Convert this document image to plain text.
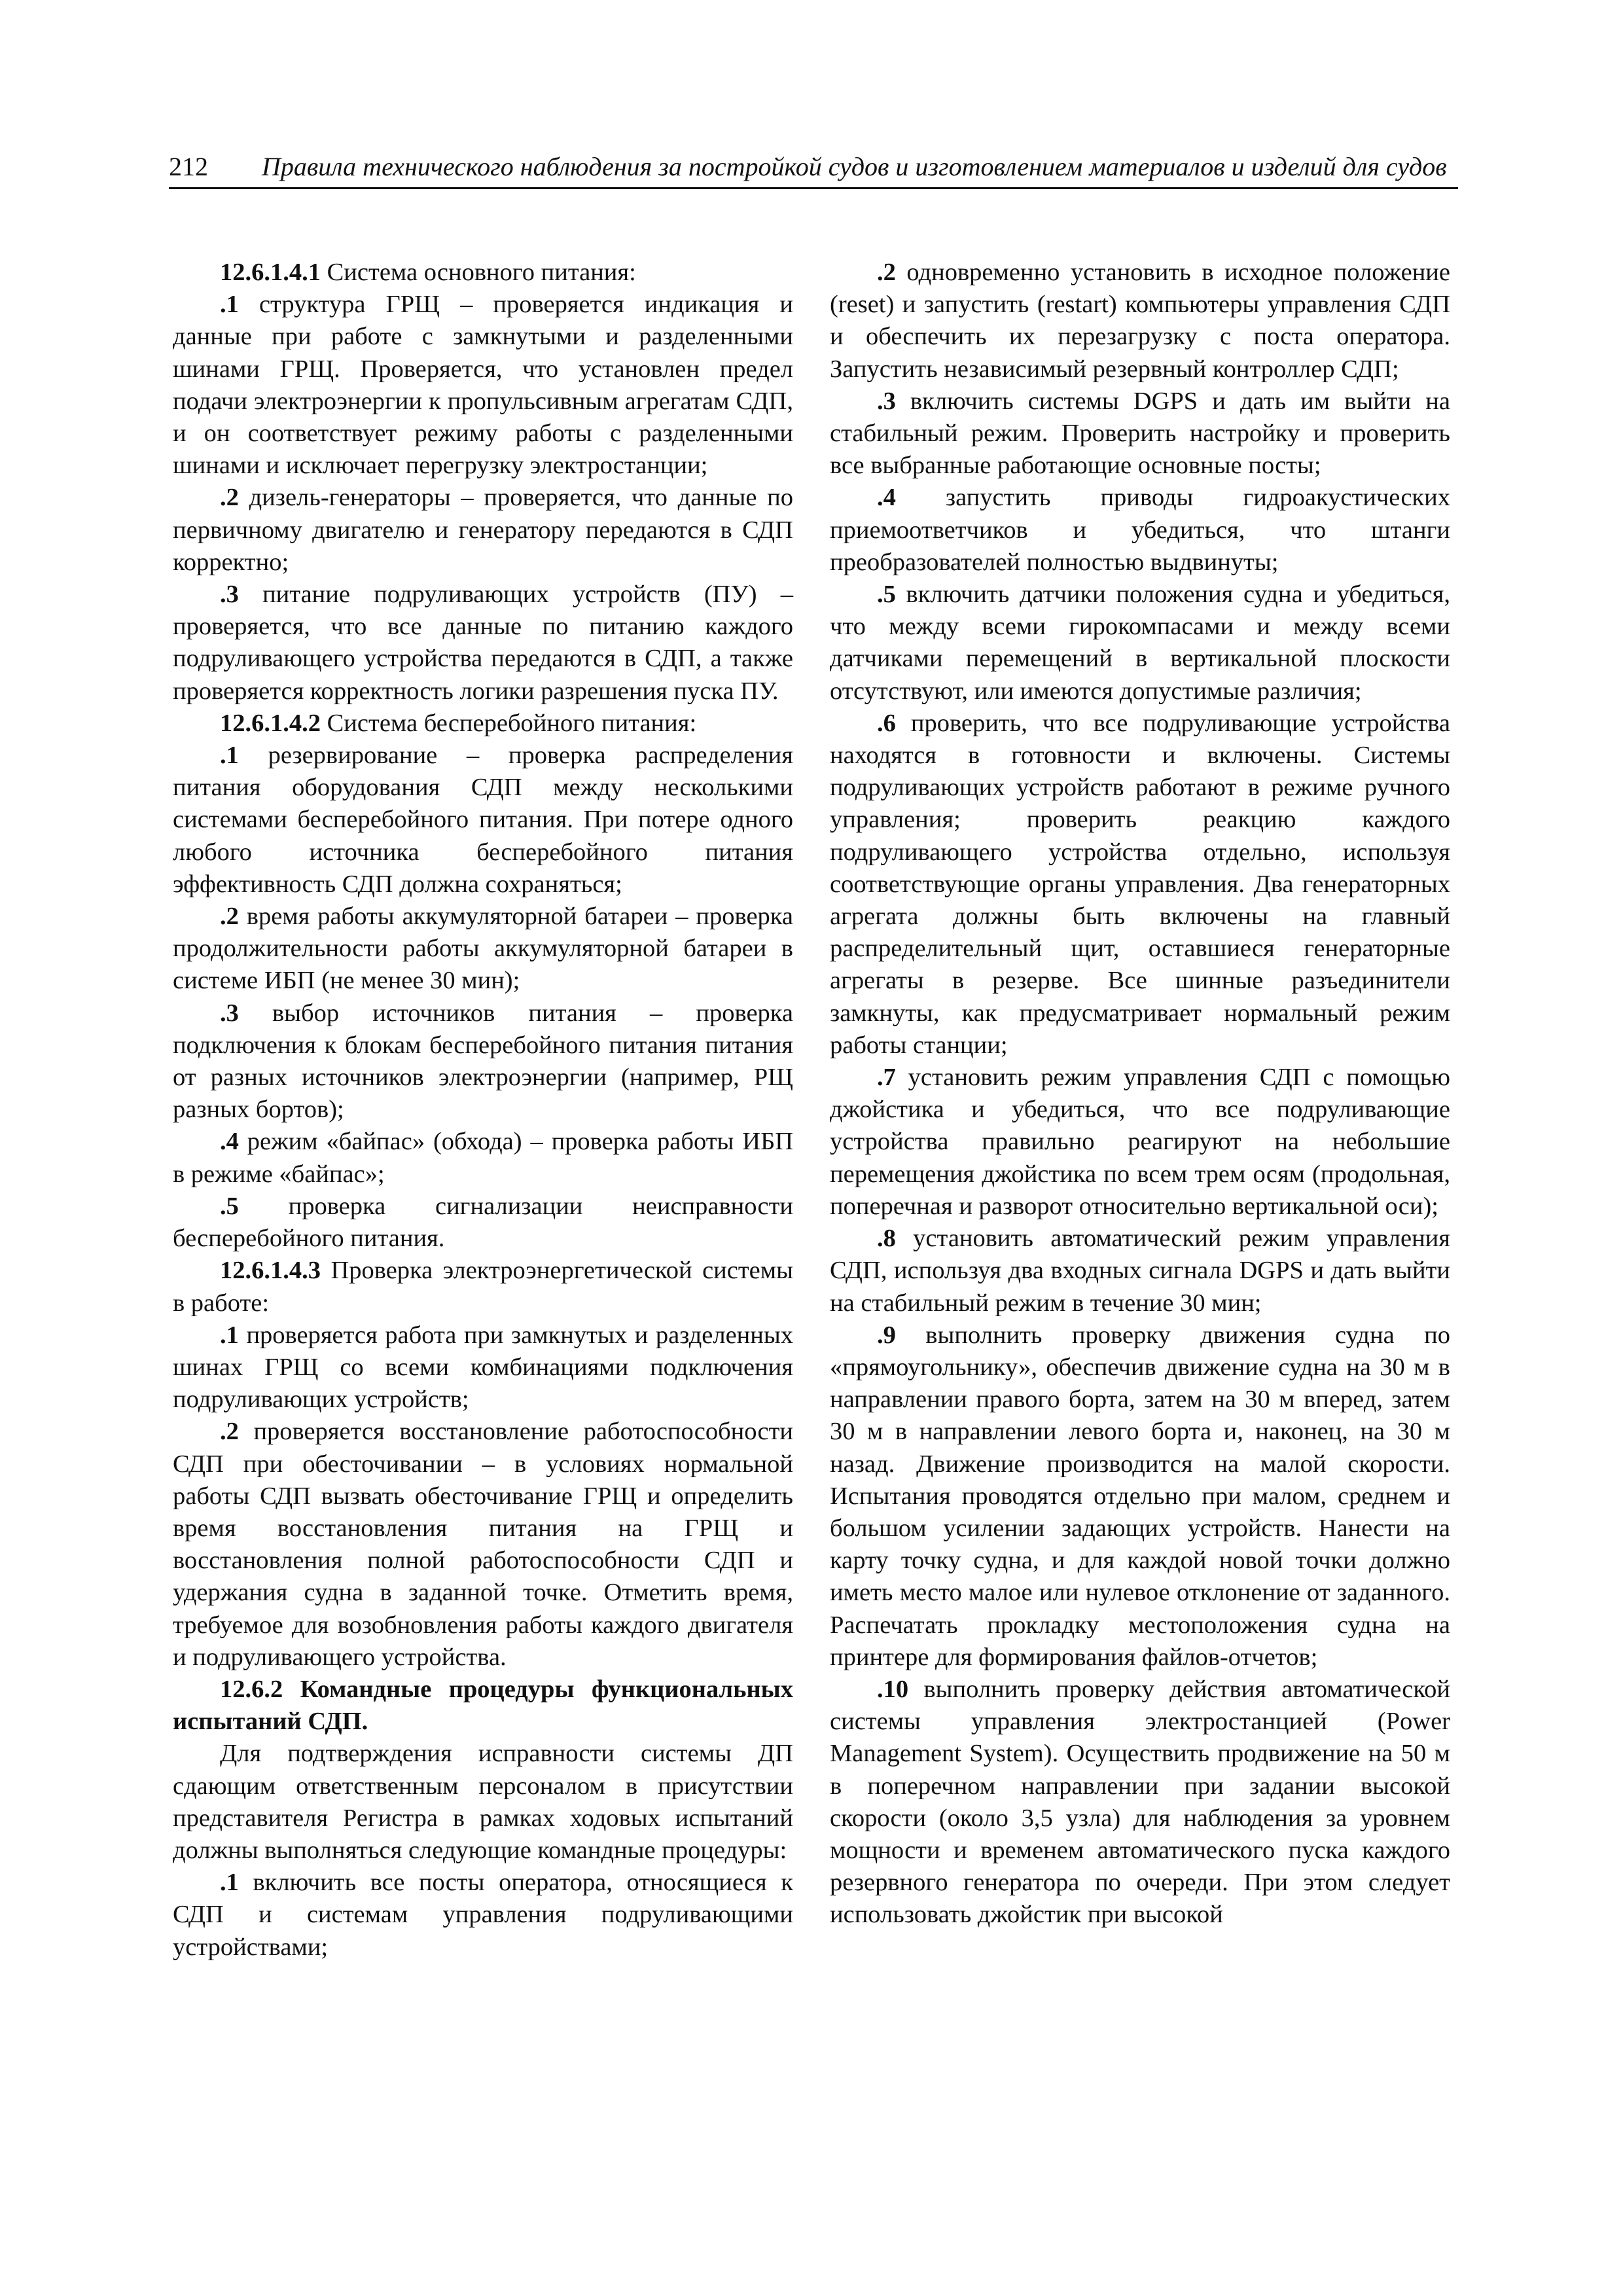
212 Правила технического наблюдения за постройкой судов и изготовлением материалов и изделий для судов

12.6.1.4.1 Система основного питания:

.1 структура ГРЩ – проверяется индикация и данные при работе с замкнутыми и разделенными шинами ГРЩ. Проверяется, что установлен предел подачи электроэнергии к пропульсивным агрегатам СДП, и он соответствует режиму работы с разделенными шинами и исключает перегрузку электростанции;

.2 дизель-генераторы – проверяется, что данные по первичному двигателю и генератору передаются в СДП корректно;

.3 питание подруливающих устройств (ПУ) – проверяется, что все данные по питанию каждого подруливающего устройства передаются в СДП, а также проверяется корректность логики разрешения пуска ПУ.

12.6.1.4.2 Система бесперебойного питания:

.1 резервирование – проверка распределения питания оборудования СДП между несколькими системами бесперебойного питания. При потере одного любого источника бесперебойного питания эффективность СДП должна сохраняться;

.2 время работы аккумуляторной батареи – проверка продолжительности работы аккумуляторной батареи в системе ИБП (не менее 30 мин);

.3 выбор источников питания – проверка подключения к блокам бесперебойного питания питания от разных источников электроэнергии (например, РЩ разных бортов);

.4 режим «байпас» (обхода) – проверка работы ИБП в режиме «байпас»;

.5 проверка сигнализации неисправности бесперебойного питания.

12.6.1.4.3 Проверка электроэнергетической системы в работе:

.1 проверяется работа при замкнутых и разделенных шинах ГРЩ со всеми комбинациями подключения подруливающих устройств;

.2 проверяется восстановление работоспособности СДП при обесточивании – в условиях нормальной работы СДП вызвать обесточивание ГРЩ и определить время восстановления питания на ГРЩ и восстановления полной работоспособности СДП и удержания судна в заданной точке. Отметить время, требуемое для возобновления работы каждого двигателя и подруливающего устройства.

12.6.2 Командные процедуры функциональных испытаний СДП.

Для подтверждения исправности системы ДП сдающим ответственным персоналом в присутствии представителя Регистра в рамках ходовых испытаний должны выполняться следующие командные процедуры:

.1 включить все посты оператора, относящиеся к СДП и системам управления подруливающими устройствами;

.2 одновременно установить в исходное положение (reset) и запустить (restart) компьютеры управления СДП и обеспечить их перезагрузку с поста оператора. Запустить независимый резервный контроллер СДП;

.3 включить системы DGPS и дать им выйти на стабильный режим. Проверить настройку и проверить все выбранные работающие основные посты;

.4 запустить приводы гидроакустических приемоответчиков и убедиться, что штанги преобразователей полностью выдвинуты;

.5 включить датчики положения судна и убедиться, что между всеми гирокомпасами и между всеми датчиками перемещений в вертикальной плоскости отсутствуют, или имеются допустимые различия;

.6 проверить, что все подруливающие устройства находятся в готовности и включены. Системы подруливающих устройств работают в режиме ручного управления; проверить реакцию каждого подруливающего устройства отдельно, используя соответствующие органы управления. Два генераторных агрегата должны быть включены на главный распределительный щит, оставшиеся генераторные агрегаты в резерве. Все шинные разъединители замкнуты, как предусматривает нормальный режим работы станции;

.7 установить режим управления СДП с помощью джойстика и убедиться, что все подруливающие устройства правильно реагируют на небольшие перемещения джойстика по всем трем осям (продольная, поперечная и разворот относительно вертикальной оси);

.8 установить автоматический режим управления СДП, используя два входных сигнала DGPS и дать выйти на стабильный режим в течение 30 мин;

.9 выполнить проверку движения судна по «прямоугольнику», обеспечив движение судна на 30 м в направлении правого борта, затем на 30 м вперед, затем 30 м в направлении левого борта и, наконец, на 30 м назад. Движение производится на малой скорости. Испытания проводятся отдельно при малом, среднем и большом усилении задающих устройств. Нанести на карту точку судна, и для каждой новой точки должно иметь место малое или нулевое отклонение от заданного. Распечатать прокладку местоположения судна на принтере для формирования файлов-отчетов;

.10 выполнить проверку действия автоматической системы управления электростанцией (Power Management System). Осуществить продвижение на 50 м в поперечном направлении при задании высокой скорости (около 3,5 узла) для наблюдения за уровнем мощности и временем автоматического пуска каждого резервного генератора по очереди. При этом следует использовать джойстик при высокой
